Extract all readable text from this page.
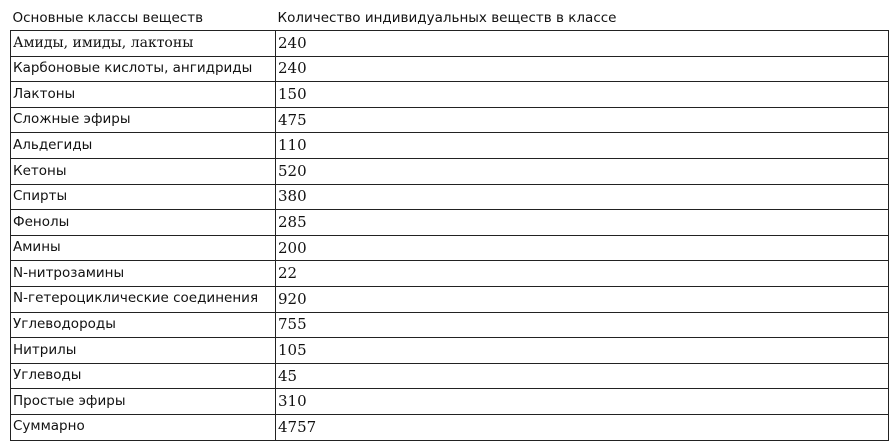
Основные классы веществ	Количество индивидуальных веществ в классе
Амиды, имиды, лактоны	240
Карбоновые кислоты, ангидриды	240
Лактоны	150
Сложные эфиры	475
Альдегиды	110
Кетоны	520
Спирты	380
Фенолы	285
Амины	200
N-нитрозамины	22
N-гетероциклические соединения	920
Углеводороды	755
Нитрилы	105
Углеводы	45
Простые эфиры	310
Суммарно	4757
